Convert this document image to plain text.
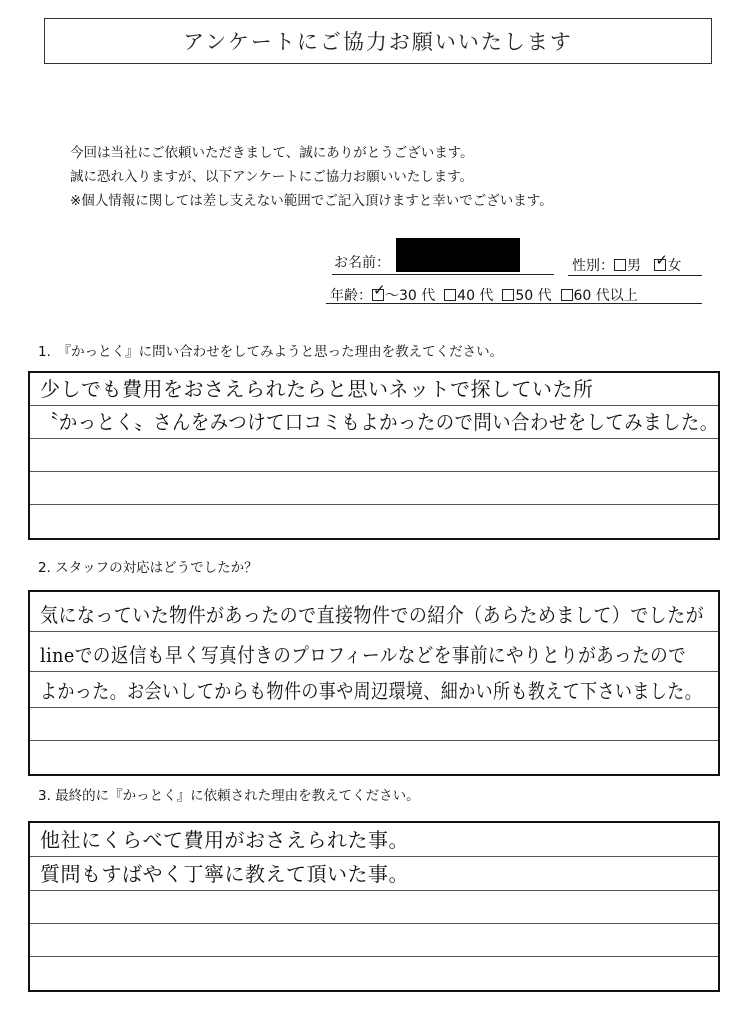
アンケートにご協力お願いいたします
今回は当社にご依頼いただきまして、誠にありがとうございます。
誠に恐れ入りますが、以下アンケートにご協力お願いいたします。
※個人情報に関しては差し支えない範囲でご記入頂けますと幸いでございます。
お名前：	性別： 男 ✓ 女
年齢： ✓ 〜30 代 40 代 50 代 60 代以上
1.　『かっとく』に問い合わせをしてみようと思った理由を教えてください。
少しでも費用をおさえられたらと思いネットで探していた所
〝かっとく〟さんをみつけて口コミもよかったので問い合わせをしてみました。
2. スタッフの対応はどうでしたか？
気になっていた物件があったので直接物件での紹介（あらためまして）でしたが
lineでの返信も早く写真付きのプロフィールなどを事前にやりとりがあったので
よかった。お会いしてからも物件の事や周辺環境、細かい所も教えて下さいました。
3. 最終的に『かっとく』に依頼された理由を教えてください。
他社にくらべて費用がおさえられた事。
質問もすばやく丁寧に教えて頂いた事。
